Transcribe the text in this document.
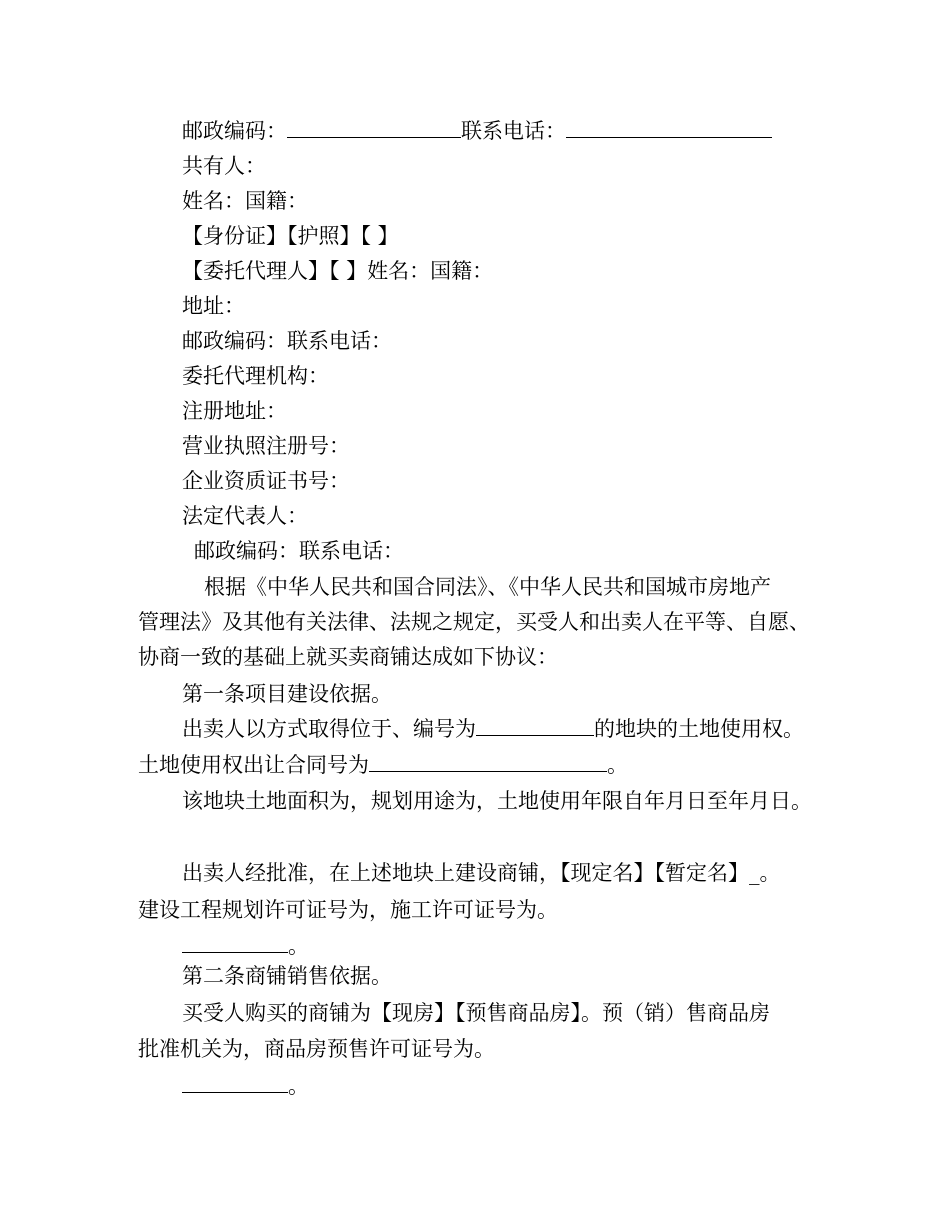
邮政编码：	联系电话：
共有人：
姓名：国籍：
【身份证】【护照】【 】
【委托代理人】【 】姓名：国籍：
地址：
邮政编码：联系电话：
委托代理机构：
注册地址：
营业执照注册号：
企业资质证书号：
法定代表人：
邮政编码：联系电话：
根据《中华人民共和国合同法》、《中华人民共和国城市房地产
管理法》及其他有关法律、法规之规定，买受人和出卖人在平等、自愿、
协商一致的基础上就买卖商铺达成如下协议：
第一条项目建设依据。
出卖人以方式取得位于、编号为	的地块的土地使用权。
土地使用权出让合同号为	。
该地块土地面积为，规划用途为，土地使用年限自年月日至年月日。
出卖人经批准，在上述地块上建设商铺，【现定名】【暂定名】_。
建设工程规划许可证号为，施工许可证号为。
。
第二条商铺销售依据。
买受人购买的商铺为【现房】【预售商品房】。预（销）售商品房
批准机关为，商品房预售许可证号为。
。
